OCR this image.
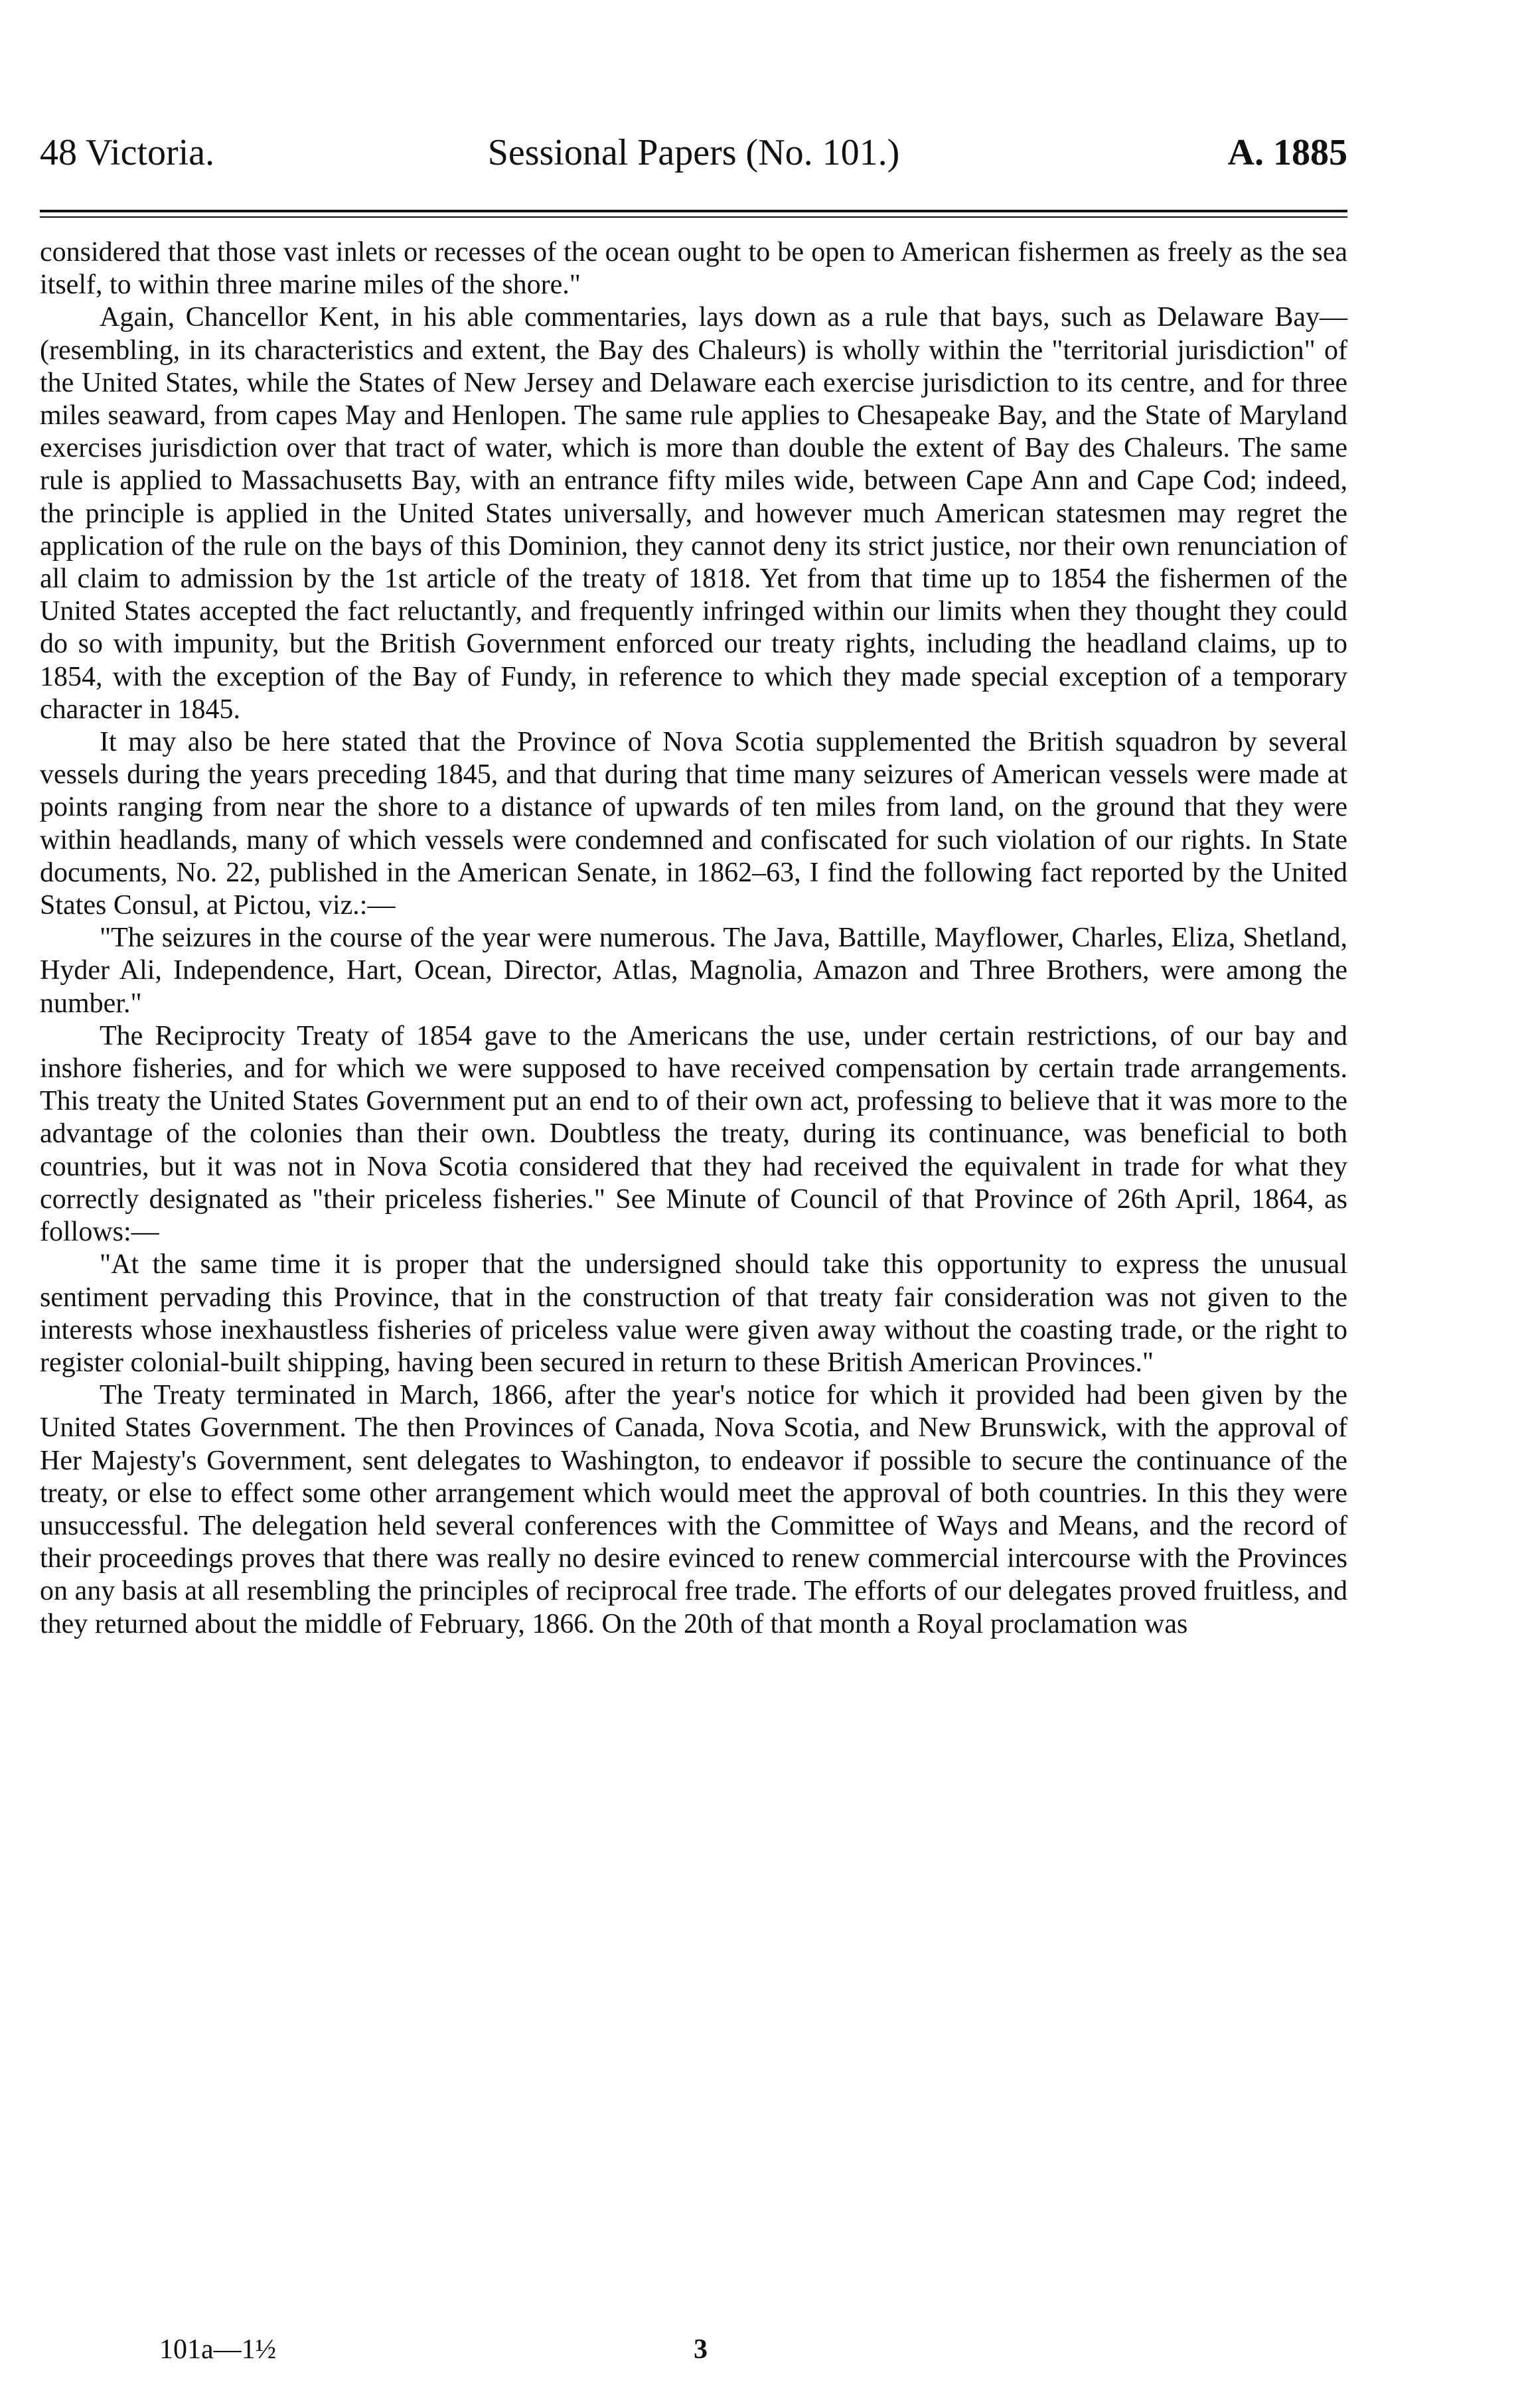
48 Victoria.	Sessional Papers (No. 101.)	A. 1885

considered that those vast inlets or recesses of the ocean ought to be open to American fishermen as freely as the sea itself, to within three marine miles of the shore."

Again, Chancellor Kent, in his able commentaries, lays down as a rule that bays, such as Delaware Bay—(resembling, in its characteristics and extent, the Bay des Chaleurs) is wholly within the "territorial jurisdiction" of the United States, while the States of New Jersey and Delaware each exercise jurisdiction to its centre, and for three miles seaward, from capes May and Henlopen. The same rule applies to Chesapeake Bay, and the State of Maryland exercises jurisdiction over that tract of water, which is more than double the extent of Bay des Chaleurs. The same rule is applied to Massachusetts Bay, with an entrance fifty miles wide, between Cape Ann and Cape Cod; indeed, the principle is applied in the United States universally, and however much American statesmen may regret the application of the rule on the bays of this Dominion, they cannot deny its strict justice, nor their own renunciation of all claim to admission by the 1st article of the treaty of 1818. Yet from that time up to 1854 the fishermen of the United States accepted the fact reluctantly, and frequently infringed within our limits when they thought they could do so with impunity, but the British Government enforced our treaty rights, including the headland claims, up to 1854, with the exception of the Bay of Fundy, in reference to which they made special exception of a temporary character in 1845.

It may also be here stated that the Province of Nova Scotia supplemented the British squadron by several vessels during the years preceding 1845, and that during that time many seizures of American vessels were made at points ranging from near the shore to a distance of upwards of ten miles from land, on the ground that they were within headlands, many of which vessels were condemned and confiscated for such violation of our rights. In State documents, No. 22, published in the American Senate, in 1862–63, I find the following fact reported by the United States Consul, at Pictou, viz.:—

"The seizures in the course of the year were numerous. The Java, Battille, Mayflower, Charles, Eliza, Shetland, Hyder Ali, Independence, Hart, Ocean, Director, Atlas, Magnolia, Amazon and Three Brothers, were among the number."

The Reciprocity Treaty of 1854 gave to the Americans the use, under certain restrictions, of our bay and inshore fisheries, and for which we were supposed to have received compensation by certain trade arrangements. This treaty the United States Government put an end to of their own act, professing to believe that it was more to the advantage of the colonies than their own. Doubtless the treaty, during its continuance, was beneficial to both countries, but it was not in Nova Scotia considered that they had received the equivalent in trade for what they correctly designated as "their priceless fisheries." See Minute of Council of that Province of 26th April, 1864, as follows:—

"At the same time it is proper that the undersigned should take this opportunity to express the unusual sentiment pervading this Province, that in the construction of that treaty fair consideration was not given to the interests whose inexhaustless fisheries of priceless value were given away without the coasting trade, or the right to register colonial-built shipping, having been secured in return to these British American Provinces."

The Treaty terminated in March, 1866, after the year's notice for which it provided had been given by the United States Government. The then Provinces of Canada, Nova Scotia, and New Brunswick, with the approval of Her Majesty's Government, sent delegates to Washington, to endeavor if possible to secure the continuance of the treaty, or else to effect some other arrangement which would meet the approval of both countries. In this they were unsuccessful. The delegation held several conferences with the Committee of Ways and Means, and the record of their proceedings proves that there was really no desire evinced to renew commercial intercourse with the Provinces on any basis at all resembling the principles of reciprocal free trade. The efforts of our delegates proved fruitless, and they returned about the middle of February, 1866. On the 20th of that month a Royal proclamation was

101a—1½	3
